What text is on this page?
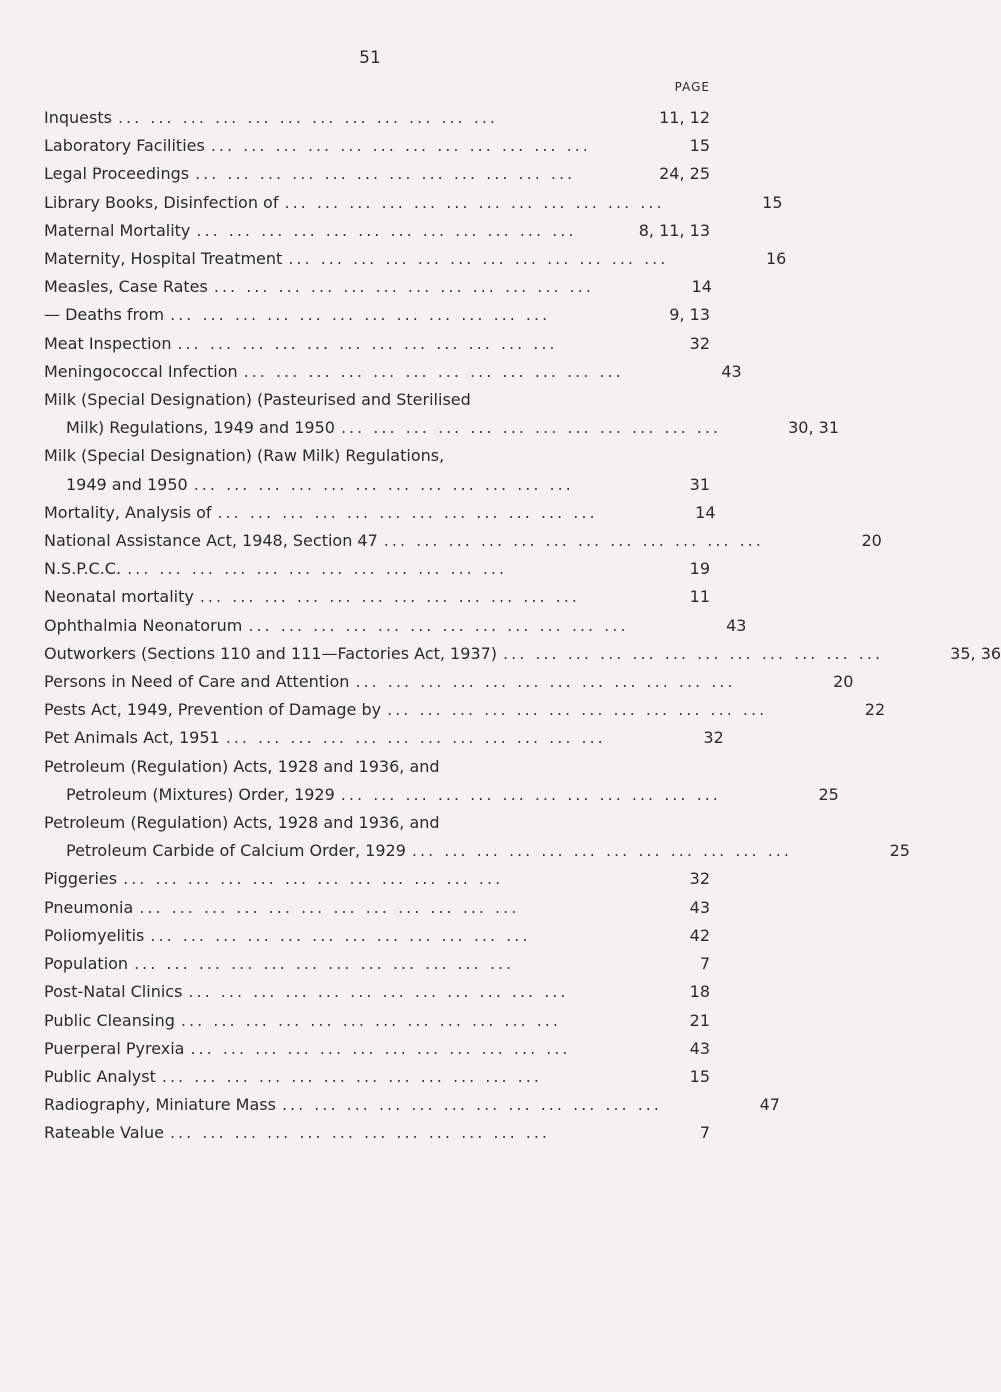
51
PAGE
Inquests ... ... ... ... ... ... ... ... ... ... ... ...	11, 12
Laboratory Facilities ... ... ... ... ... ... ... ... ... ... ... ...	15
Legal Proceedings ... ... ... ... ... ... ... ... ... ... ... ...	24, 25
Library Books, Disinfection of ... ... ... ... ... ... ... ... ... ... ... ...	15
Maternal Mortality ... ... ... ... ... ... ... ... ... ... ... ...	8, 11, 13
Maternity, Hospital Treatment ... ... ... ... ... ... ... ... ... ... ... ...	16
Measles, Case Rates ... ... ... ... ... ... ... ... ... ... ... ...	14
— Deaths from ... ... ... ... ... ... ... ... ... ... ... ...	9, 13
Meat Inspection ... ... ... ... ... ... ... ... ... ... ... ...	32
Meningococcal Infection ... ... ... ... ... ... ... ... ... ... ... ...	43
Milk (Special Designation) (Pasteurised and Sterilised
Milk) Regulations, 1949 and 1950 ... ... ... ... ... ... ... ... ... ... ... ...	30, 31
Milk (Special Designation) (Raw Milk) Regulations,
1949 and 1950 ... ... ... ... ... ... ... ... ... ... ... ...	31
Mortality, Analysis of ... ... ... ... ... ... ... ... ... ... ... ...	14
National Assistance Act, 1948, Section 47 ... ... ... ... ... ... ... ... ... ... ... ...	20
N.S.P.C.C. ... ... ... ... ... ... ... ... ... ... ... ...	19
Neonatal mortality ... ... ... ... ... ... ... ... ... ... ... ...	11
Ophthalmia Neonatorum ... ... ... ... ... ... ... ... ... ... ... ...	43
Outworkers (Sections 110 and 111—Factories Act, 1937) ... ... ... ... ... ... ... ... ... ... ... ...	35, 36
Persons in Need of Care and Attention ... ... ... ... ... ... ... ... ... ... ... ...	20
Pests Act, 1949, Prevention of Damage by ... ... ... ... ... ... ... ... ... ... ... ...	22
Pet Animals Act, 1951 ... ... ... ... ... ... ... ... ... ... ... ...	32
Petroleum (Regulation) Acts, 1928 and 1936, and
Petroleum (Mixtures) Order, 1929 ... ... ... ... ... ... ... ... ... ... ... ...	25
Petroleum (Regulation) Acts, 1928 and 1936, and
Petroleum Carbide of Calcium Order, 1929 ... ... ... ... ... ... ... ... ... ... ... ...	25
Piggeries ... ... ... ... ... ... ... ... ... ... ... ...	32
Pneumonia ... ... ... ... ... ... ... ... ... ... ... ...	43
Poliomyelitis ... ... ... ... ... ... ... ... ... ... ... ...	42
Population ... ... ... ... ... ... ... ... ... ... ... ...	7
Post-Natal Clinics ... ... ... ... ... ... ... ... ... ... ... ...	18
Public Cleansing ... ... ... ... ... ... ... ... ... ... ... ...	21
Puerperal Pyrexia ... ... ... ... ... ... ... ... ... ... ... ...	43
Public Analyst ... ... ... ... ... ... ... ... ... ... ... ...	15
Radiography, Miniature Mass ... ... ... ... ... ... ... ... ... ... ... ...	47
Rateable Value ... ... ... ... ... ... ... ... ... ... ... ...	7
